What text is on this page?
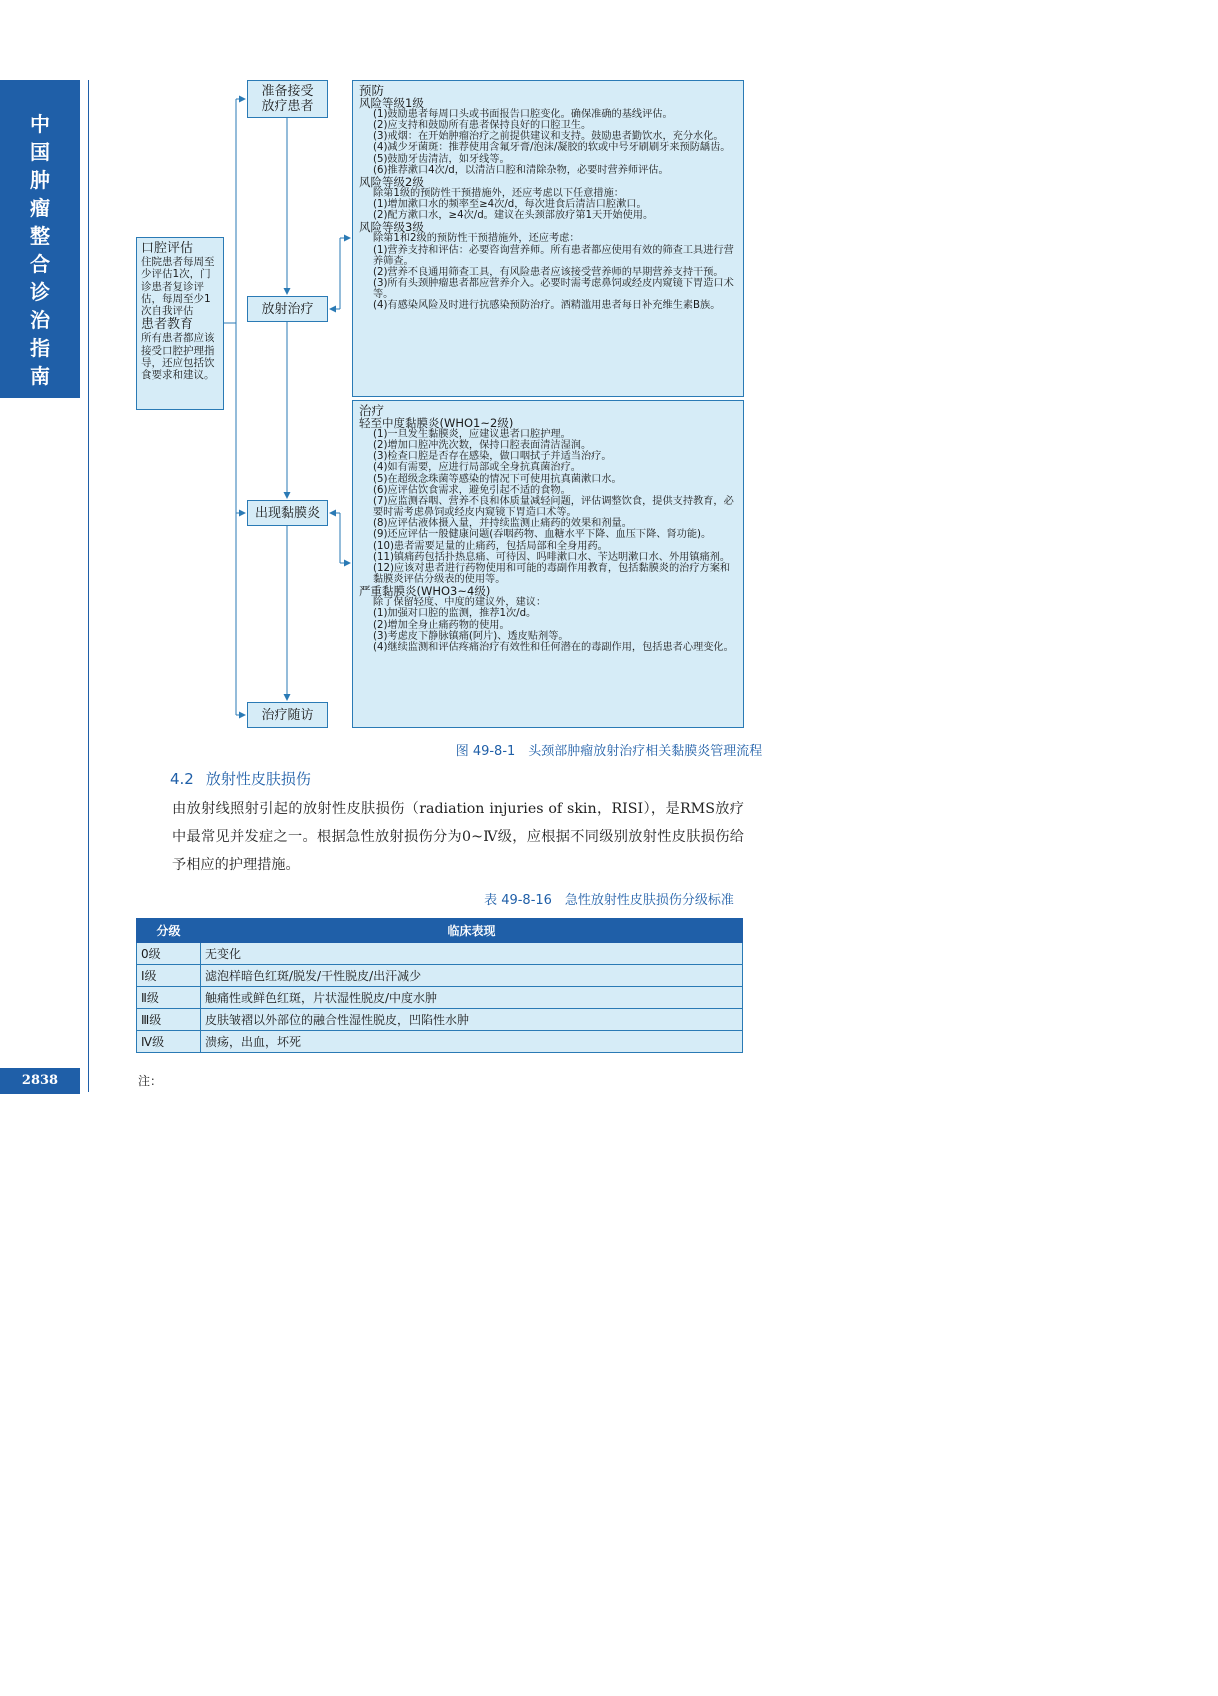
中
国
肿
瘤
整
合
诊
治
指
南
2838
口腔评估
住院患者每周至少评估1次，门诊患者复诊评估，每周至少1次自我评估
患者教育
所有患者都应该接受口腔护理指导，还应包括饮食要求和建议。
准备接受
放疗患者
放射治疗
出现黏膜炎
治疗随访
预防
风险等级1级
(1)鼓励患者每周口头或书面报告口腔变化。确保准确的基线评估。
(2)应支持和鼓励所有患者保持良好的口腔卫生。
(3)戒烟：在开始肿瘤治疗之前提供建议和支持。鼓励患者勤饮水，充分水化。
(4)减少牙菌斑：推荐使用含氟牙膏/泡沫/凝胶的软或中号牙刷刷牙来预防龋齿。
(5)鼓励牙齿清洁，如牙线等。
(6)推荐漱口4次/d，以清洁口腔和清除杂物，必要时营养师评估。
风险等级2级
除第1级的预防性干预措施外，还应考虑以下任意措施：
(1)增加漱口水的频率至≥4次/d，每次进食后清洁口腔漱口。
(2)配方漱口水，≥4次/d。建议在头颈部放疗第1天开始使用。
风险等级3级
除第1和2级的预防性干预措施外，还应考虑：
(1)营养支持和评估：必要咨询营养师。所有患者都应使用有效的筛查工具进行营养筛查。
(2)营养不良通用筛查工具，有风险患者应该接受营养师的早期营养支持干预。
(3)所有头颈肿瘤患者都应营养介入。必要时需考虑鼻饲或经皮内窥镜下胃造口术等。
(4)有感染风险及时进行抗感染预防治疗。酒精滥用患者每日补充维生素B族。
治疗
轻至中度黏膜炎(WHO1~2级)
(1)一旦发生黏膜炎，应建议患者口腔护理。
(2)增加口腔冲洗次数，保持口腔表面清洁湿润。
(3)检查口腔是否存在感染，做口咽拭子并适当治疗。
(4)如有需要，应进行局部或全身抗真菌治疗。
(5)在超级念珠菌等感染的情况下可使用抗真菌漱口水。
(6)应评估饮食需求，避免引起不适的食物。
(7)应监测吞咽、营养不良和体质量减轻问题，评估调整饮食，提供支持教育，必要时需考虑鼻饲或经皮内窥镜下胃造口术等。
(8)应评估液体摄入量，并持续监测止痛药的效果和剂量。
(9)还应评估一般健康问题(吞咽药物、血糖水平下降、血压下降、肾功能)。
(10)患者需要足量的止痛药，包括局部和全身用药。
(11)镇痛药包括扑热息痛、可待因、吗啡漱口水、苄达明漱口水、外用镇痛剂。
(12)应该对患者进行药物使用和可能的毒副作用教育，包括黏膜炎的治疗方案和黏膜炎评估分级表的使用等。
严重黏膜炎(WHO3~4级)
除了保留轻度、中度的建议外，建议：
(1)加强对口腔的监测，推荐1次/d。
(2)增加全身止痛药物的使用。
(3)考虑皮下静脉镇痛(阿片)、透皮贴剂等。
(4)继续监测和评估疼痛治疗有效性和任何潜在的毒副作用，包括患者心理变化。
图 49-8-1　头颈部肿瘤放射治疗相关黏膜炎管理流程
4.2 放射性皮肤损伤
由放射线照射引起的放射性皮肤损伤（radiation injuries of skin，RISI），是RMS放疗中最常见并发症之一。根据急性放射损伤分为0~Ⅳ级，应根据不同级别放射性皮肤损伤给予相应的护理措施。
表 49-8-16　急性放射性皮肤损伤分级标准
分级	临床表现
0级	无变化
Ⅰ级	滤泡样暗色红斑/脱发/干性脱皮/出汗减少
Ⅱ级	触痛性或鲜色红斑，片状湿性脱皮/中度水肿
Ⅲ级	皮肤皱褶以外部位的融合性湿性脱皮，凹陷性水肿
Ⅳ级	溃疡，出血，坏死
注：
